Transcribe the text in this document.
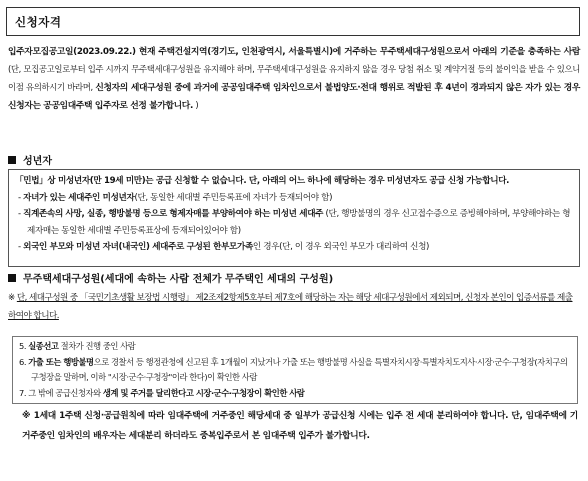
신청자격
입주자모집공고일(2023.09.22.) 현재 주택건설지역(경기도, 인천광역시, 서울특별시)에 거주하는 무주택세대구성원으로서 아래의 기준을 충족하는 사람 (단, 모집공고일로부터 입주 시까지 무주택세대구성원을 유지해야 하며, 무주택세대구성원을 유지하지 않을 경우 당첨 취소 및 계약거절 등의 불이익을 받을 수 있으니 이점 유의하시기 바라며, 신청자의 세대구성원 중에 과거에 공공임대주택 임차인으로서 불법양도·전대 행위로 적발된 후 4년이 경과되지 않은 자가 있는 경우 신청자는 공공임대주택 입주자로 선정 불가합니다. )
성년자
「민법」상 미성년자(만 19세 미만)는 공급 신청할 수 없습니다. 단, 아래의 어느 하나에 해당하는 경우 미성년자도 공급 신청 가능합니다.
- 자녀가 있는 세대주인 미성년자(단, 동일한 세대별 주민등록표에 자녀가 등재되어야 함)
- 직계존속의 사망, 실종, 행방불명 등으로 형제자매를 부양하여야 하는 미성년 세대주 (단, 행방불명의 경우 신고접수증으로 증빙해야하며, 부양해야하는 형제자매는 동일한 세대별 주민등록표상에 등재되어있어야 함)
- 외국인 부모와 미성년 자녀(내국인) 세대주로 구성된 한부모가족인 경우(단, 이 경우 외국인 부모가 대리하여 신청)
무주택세대구성원(세대에 속하는 사람 전체가 무주택인 세대의 구성원)
※ 단, 세대구성원 중 「국민기초생활 보장법 시행령」 제2조제2항제5호부터 제7호에 해당하는 자는 해당 세대구성원에서 제외되며, 신청자 본인이 입증서류를 제출하여야 합니다.
5. 실종선고 절차가 진행 중인 사람
6. 가출 또는 행방불명으로 경찰서 등 행정관청에 신고된 후 1개월이 지났거나 가출 또는 행방불명 사실을 특별자치시장·특별자치도지사·시장·군수·구청장(자치구의 구청장을 말하며, 이하 "시장·군수·구청장"이라 한다)이 확인한 사람
7. 그 밖에 공급신청자와 생계 및 주거를 달리한다고 시장·군수·구청장이 확인한 사람
※ 1세대 1주택 신청·공급원칙에 따라 임대주택에 거주중인 해당세대 중 일부가 공급신청 시에는 입주 전 세대 분리하여야 합니다. 단, 임대주택에 기 거주중인 임차인의 배우자는 세대분리 하더라도 중복입주로서 본 임대주택 입주가 불가합니다.
